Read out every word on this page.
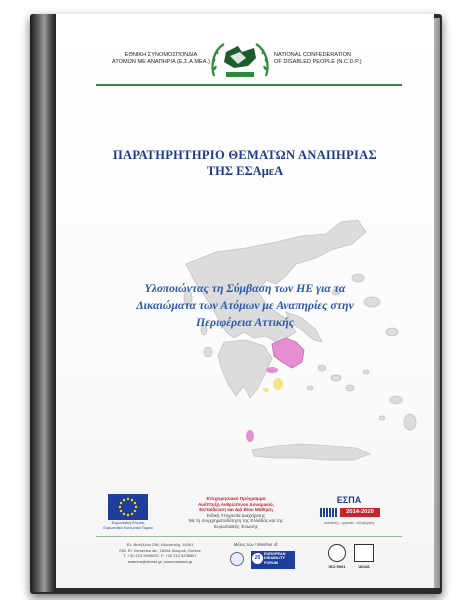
ΕΘΝΙΚΗ ΣΥΝΟΜΟΣΠΟΝΔΙΑ
ΑΤΟΜΩΝ ΜΕ ΑΝΑΠΗΡΙΑ (Ε.Σ.Α.ΜΕΑ.)
NATIONAL CONFEDERATION
OF DISABLED PEOPLE (N.C.D.P.)
ΠΑΡΑΤΗΡΗΤΗΡΙΟ ΘΕΜΑΤΩΝ ΑΝΑΠΗΡΙΑΣ
ΤΗΣ ΕΣΑμεΑ
Υλοποιώντας τη Σύμβαση των ΗΕ για τα
Δικαιώματα των Ατόμων με Αναπηρίες στην
Περιφέρεια Αττικής
Ευρωπαϊκή Ένωση
Ευρωπαϊκό Κοινωνικό Ταμείο
Επιχειρησιακό Πρόγραμμα
Ανάπτυξη Ανθρώπινου Δυναμικού,
Εκπαίδευση και Διά Βίου Μάθηση
Ειδική Υπηρεσία Διαχείρισης
Με τη συγχρηματοδότηση της Ελλάδας και της Ευρωπαϊκής Ένωσης
ΕΣΠΑ
2014-2020
ανάπτυξη - εργασία - αλληλεγγύη
Ελ. Βενιζέλου 236, Ηλιούπολη, 16341
236, El. Venizelou str., 16341 Ilioupoli, Greece
Τ. +30 210 9949837, F. +30 210 5238967
esamea@otenet.gr, www.esamea.gr
Μέλος των / Member of:
EUROPEAN
DISABILITY
FORUM
20
ISO 9001	UKAS
